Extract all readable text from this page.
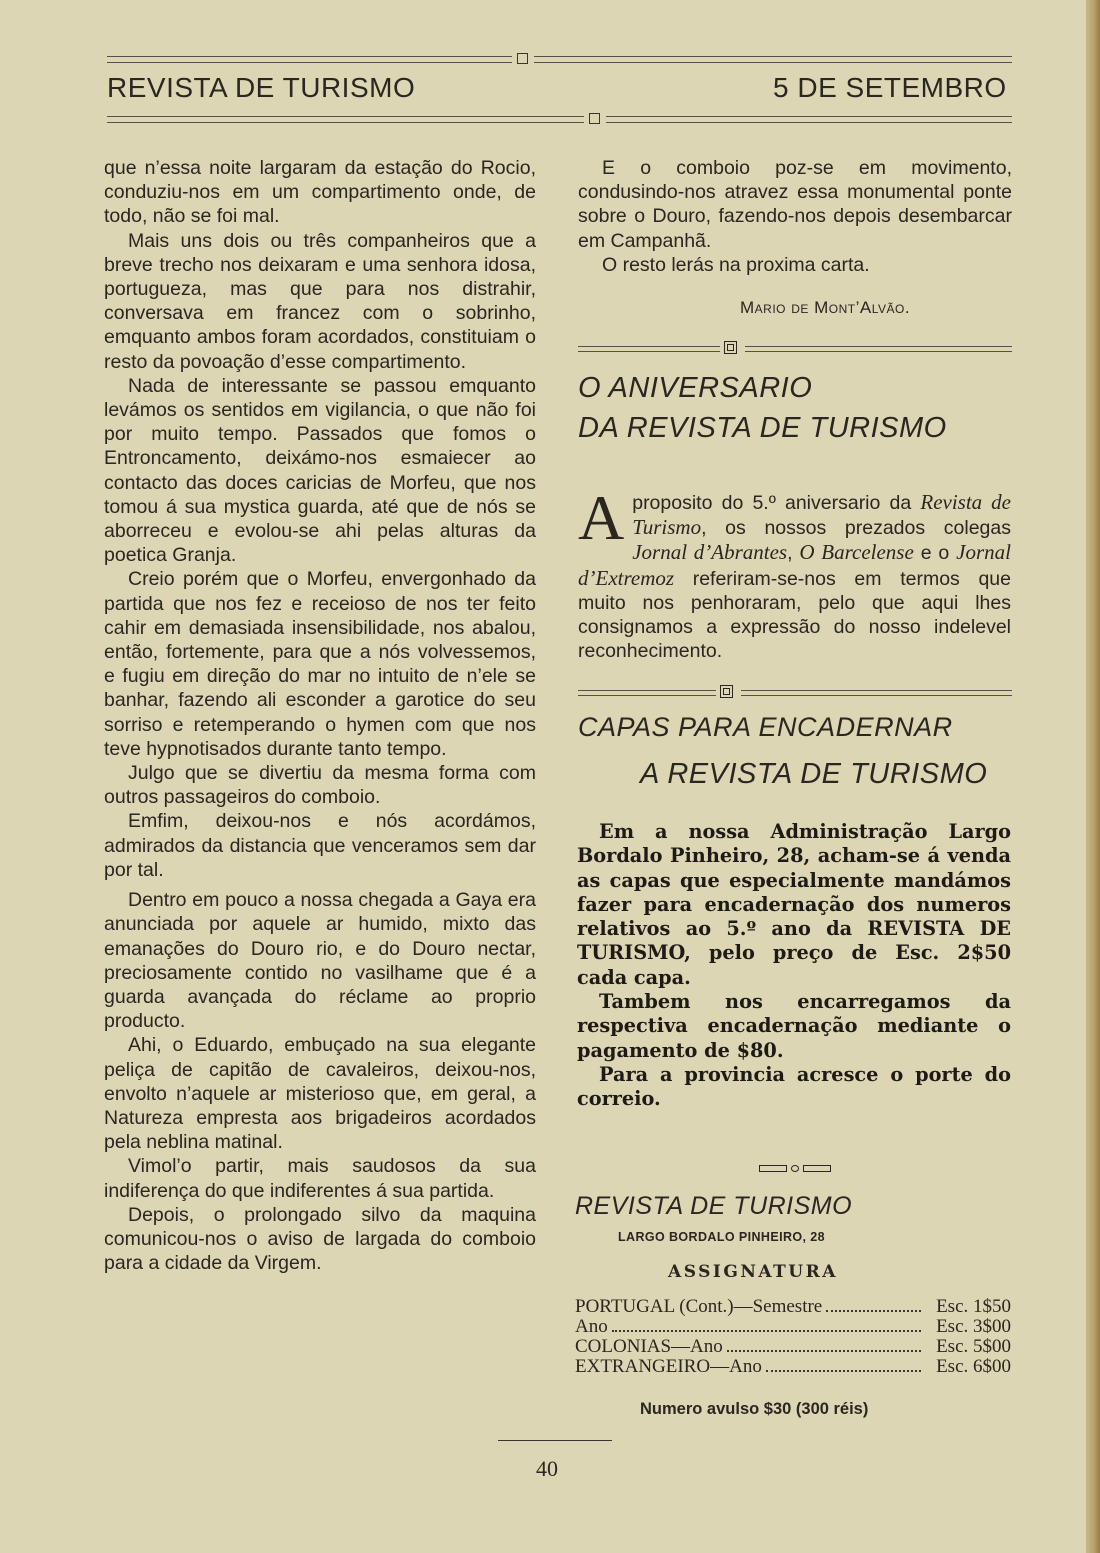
REVISTA DE TURISMO	5 DE SETEMBRO

que n’essa noite largaram da estação do Rocio, conduziu-nos em um compartimento onde, de todo, não se foi mal.

Mais uns dois ou três companheiros que a breve trecho nos deixaram e uma senhora idosa, portugueza, mas que para nos distrahir, conversava em francez com o sobrinho, emquanto ambos foram acordados, constituiam o resto da povoação d’esse compartimento.

Nada de interessante se passou emquanto levámos os sentidos em vigilancia, o que não foi por muito tempo. Passados que fomos o Entroncamento, deixámo-nos esmaiecer ao contacto das doces caricias de Morfeu, que nos tomou á sua mystica guarda, até que de nós se aborreceu e evolou-se ahi pelas alturas da poetica Granja.

Creio porém que o Morfeu, envergonhado da partida que nos fez e receioso de nos ter feito cahir em demasiada insensibilidade, nos abalou, então, fortemente, para que a nós volvessemos, e fugiu em direção do mar no intuito de n’ele se banhar, fazendo ali esconder a garotice do seu sorriso e retemperando o hymen com que nos teve hypnotisados durante tanto tempo.

Julgo que se divertiu da mesma forma com outros passageiros do comboio.

Emfim, deixou-nos e nós acordámos, admirados da distancia que venceramos sem dar por tal.

Dentro em pouco a nossa chegada a Gaya era anunciada por aquele ar humido, mixto das emanações do Douro rio, e do Douro nectar, preciosamente contido no vasilhame que é a guarda avançada do réclame ao proprio producto.

Ahi, o Eduardo, embuçado na sua elegante peliça de capitão de cavaleiros, deixou-nos, envolto n’aquele ar misterioso que, em geral, a Natureza empresta aos brigadeiros acordados pela neblina matinal.

Vimol’o partir, mais saudosos da sua indiferença do que indiferentes á sua partida.

Depois, o prolongado silvo da maquina comunicou-nos o aviso de largada do comboio para a cidade da Virgem.

E o comboio poz-se em movimento, condusindo-nos atravez essa monumental ponte sobre o Douro, fazendo-nos depois desembarcar em Campanhã.

O resto lerás na proxima carta.

Mario de Mont’Alvão.
O ANIVERSARIO
DA REVISTA DE TURISMO
Aproposito do 5.º aniversario da Revista de Turismo, os nossos prezados colegas Jornal d’Abrantes, O Barcelense e o Jornal d’Extremoz referiram-se-nos em termos que muito nos penhoraram, pelo que aqui lhes consignamos a expressão do nosso indelevel reconhecimento.
CAPAS PARA ENCADERNAR
A REVISTA DE TURISMO

Em a nossa Administração Largo Bordalo Pinheiro, 28, acham-se á venda as capas que especialmente mandámos fazer para encadernação dos numeros relativos ao 5.º ano da REVISTA DE TURISMO, pelo preço de Esc. 2$50 cada capa.

Tambem nos encarregamos da respectiva encadernação mediante o pagamento de $80.

Para a provincia acresce o porte do correio.

REVISTA DE TURISMO
LARGO BORDALO PINHEIRO, 28
ASSIGNATURA
PORTUGAL (Cont.)—Semestre	Esc. 1$50
Ano	Esc. 3$00
COLONIAS—Ano	Esc. 5$00
EXTRANGEIRO—Ano	Esc. 6$00
Numero avulso $30 (300 réis)
40
